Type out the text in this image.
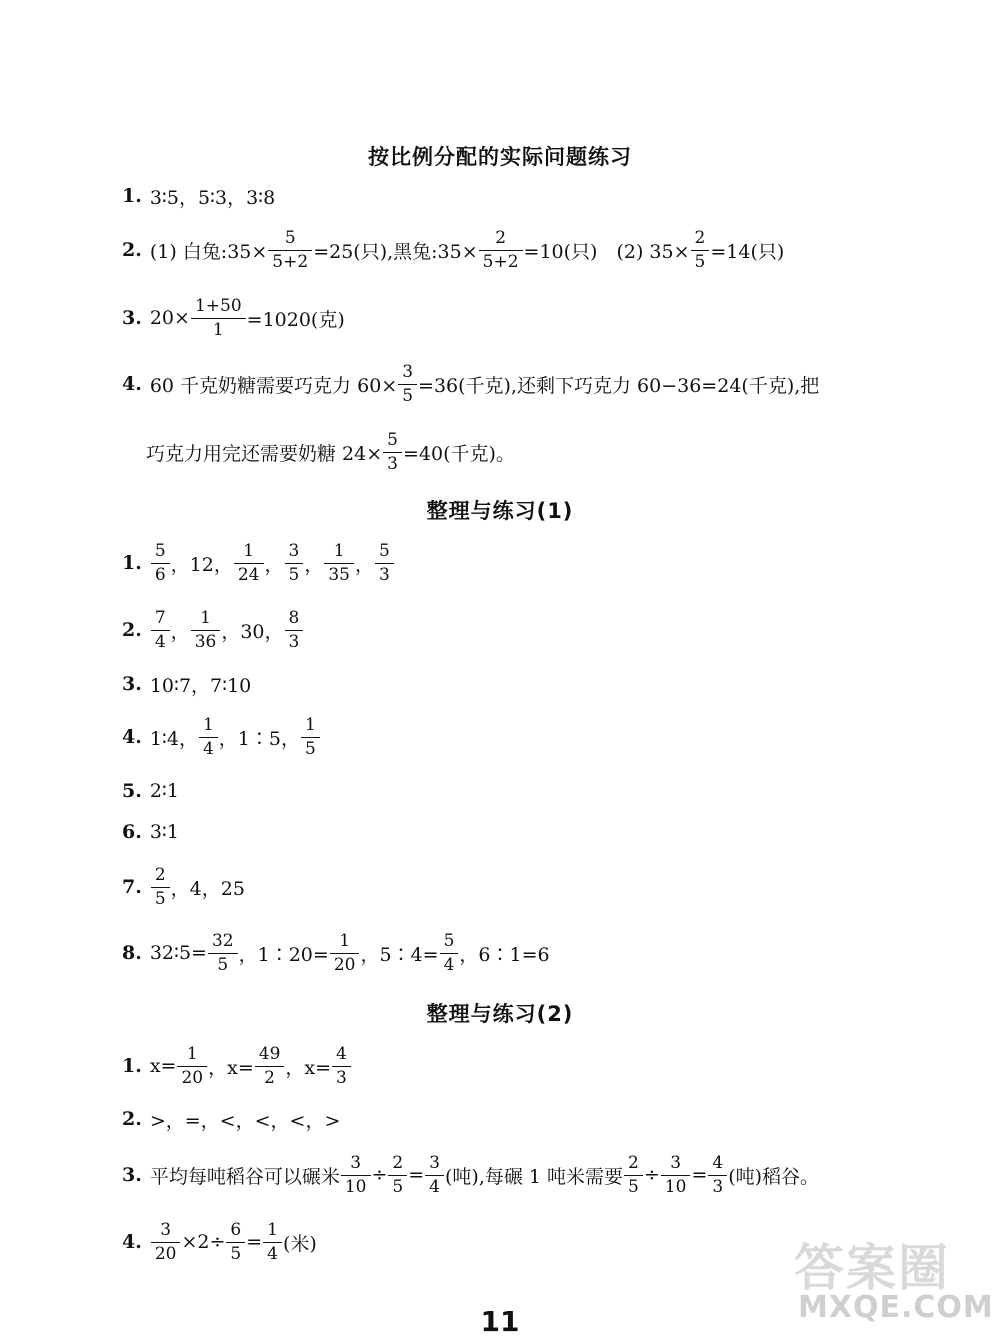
按比例分配的实际问题练习
整理与练习(1)
整理与练习(2)
1. 3∶5，5∶3，3∶8
2. (1) 白兔:35× $\frac{5}{5+2} =25$(只),黑兔:35× $\frac{2}{5+2} =10$(只)　(2) $35\times \frac{2}{5} =14$(只)
3. $20\times \frac{1+50}{1} =1020$(克)
4. 60 千克奶糖需要巧克力 $60\times \frac{3}{5} =36$(千克),还剩下巧克力 60−36=24(千克),把
巧克力用完还需要奶糖 $24\times \frac{5}{3} =40$(千克)。
1. $\frac{5}{6}$ ，12， $\frac{1}{24}$ ， $\frac{3}{5}$ ， $\frac{1}{35}$ ， $\frac{5}{3}$
2. $\frac{7}{4}$ ， $\frac{1}{36}$ ，30， $\frac{8}{3}$
3. 10∶7，7∶10
4. 1∶4， $\frac{1}{4}$ ，1∶5， $\frac{1}{5}$
5. 2∶1
6. 3∶1
7. $\frac{2}{5}$ ，4，25
8. 32∶5= $\frac{32}{5}$ ，1∶20= $\frac{1}{20}$ ，5∶4= $\frac{5}{4}$ ，6∶1=6
1. $x= \frac{1}{20}$ ，$x= \frac{49}{2}$ ，$x= \frac{4}{3}$
2. >，=，<，<，<，>
3. 平均每吨稻谷可以碾米 $\frac{3}{10} \div \frac{2}{5} = \frac{3}{4}$ (吨),每碾 1 吨米需要 $\frac{2}{5} \div \frac{3}{10} = \frac{4}{3}$ (吨)稻谷。
4. $\frac{3}{20} \times 2\div \frac{6}{5} = \frac{1}{4}$ (米)
11
答案圈
MXQE.COM
